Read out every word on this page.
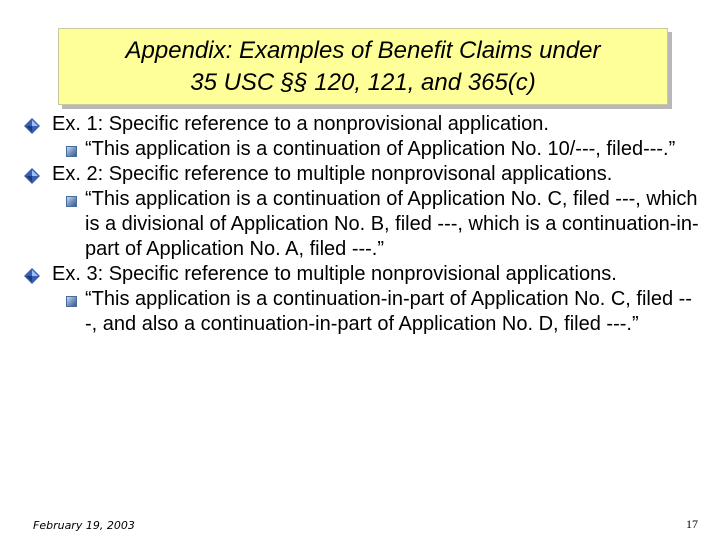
Appendix: Examples of Benefit Claims under
35 USC §§ 120, 121, and 365(c)
Ex. 1: Specific reference to a nonprovisional application.
“This application is a continuation of Application No. 10/---, filed---.”
Ex. 2: Specific reference to multiple nonprovisonal applications.
“This application is a continuation of Application No. C, filed ---, which is a divisional of Application No. B, filed ---, which is a continuation-in-part of Application No. A, filed ---.”
Ex. 3: Specific reference to multiple nonprovisional applications.
“This application is a continuation-in-part of Application No. C, filed ---, and also a continuation-in-part of Application No. D, filed ---.”
February 19, 2003	17
